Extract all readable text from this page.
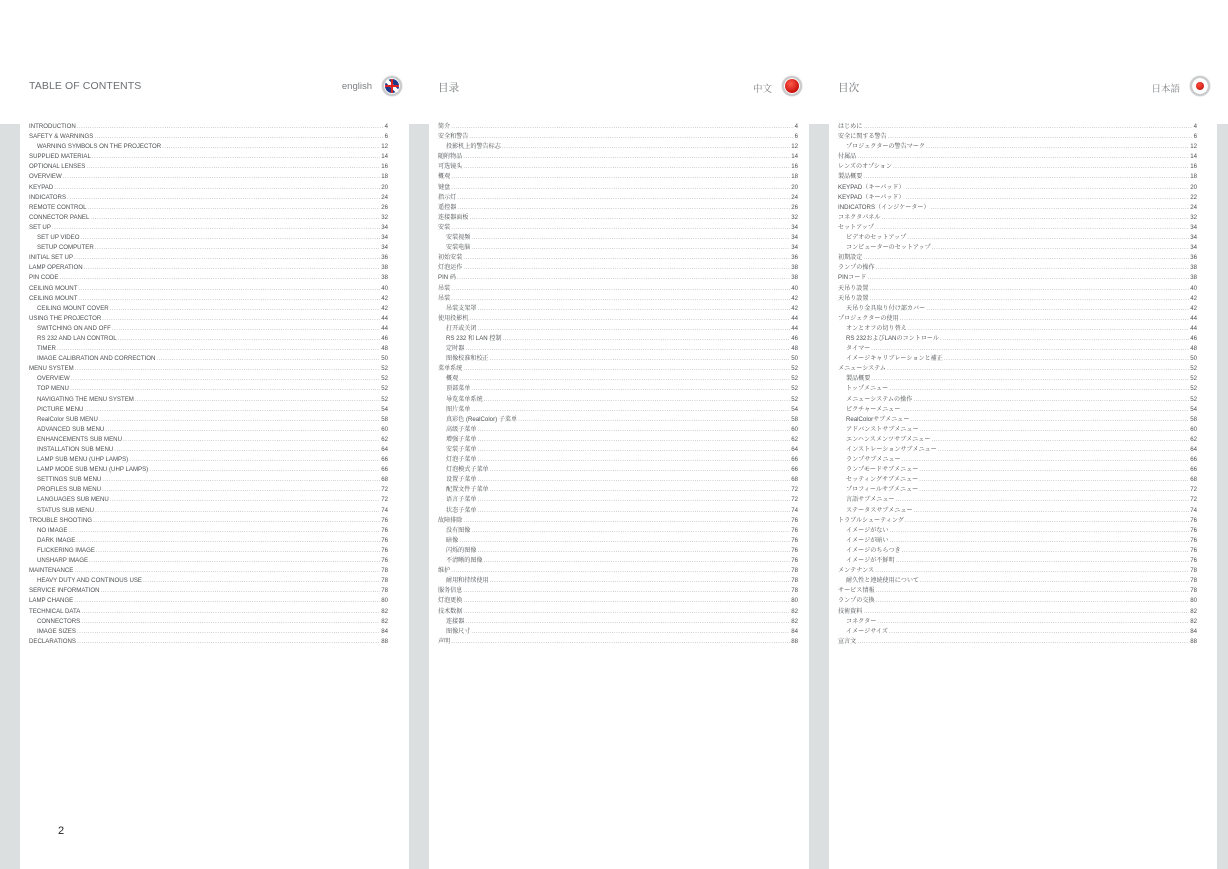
TABLE OF CONTENTS	english
INTRODUCTION .....	4
SAFETY & WARNINGS .....	6
WARNING SYMBOLS ON THE PROJECTOR .....	12
SUPPLIED MATERIAL .....	14
OPTIONAL LENSES .....	16
OVERVIEW .....	18
KEYPAD .....	20
INDICATORS .....	24
REMOTE CONTROL .....	26
CONNECTOR PANEL .....	32
SET UP .....	34
SET UP VIDEO .....	34
SETUP COMPUTER .....	34
INITIAL SET UP .....	36
LAMP OPERATION .....	38
PIN CODE .....	38
CEILING MOUNT .....	40
CEILING MOUNT .....	42
CEILING MOUNT COVER .....	42
USING THE PROJECTOR .....	44
SWITCHING ON AND OFF .....	44
RS 232 AND LAN CONTROL .....	46
TIMER .....	48
IMAGE CALIBRATION AND CORRECTION .....	50
MENU SYSTEM .....	52
OVERVIEW .....	52
TOP MENU .....	52
NAVIGATING THE MENU SYSTEM .....	52
PICTURE MENU .....	54
RealColor SUB MENU .....	58
ADVANCED SUB MENU .....	60
ENHANCEMENTS SUB MENU .....	62
INSTALLATION SUB MENU .....	64
LAMP SUB MENU (UHP LAMPS) .....	66
LAMP MODE SUB MENU (UHP LAMPS) .....	66
SETTINGS SUB MENU .....	68
PROFILES SUB MENU .....	72
LANGUAGES SUB MENU .....	72
STATUS SUB MENU .....	74
TROUBLE SHOOTING .....	76
NO IMAGE .....	76
DARK IMAGE .....	76
FLICKERING IMAGE .....	76
UNSHARP IMAGE .....	76
MAINTENANCE .....	78
HEAVY DUTY AND CONTINOUS USE .....	78
SERVICE INFORMATION .....	78
LAMP CHANGE .....	80
TECHNICAL DATA .....	82
CONNECTORS .....	82
IMAGE SIZES .....	84
DECLARATIONS .....	88
目录	中文
简介 .....	4
安全和警告 .....	6
投影机上的警告标志 .....	12
随附物品 .....	14
可选镜头 .....	16
概观 .....	18
键盘 .....	20
指示灯 .....	24
遥控器 .....	26
连接器面板 .....	32
安装 .....	34
安装视频 .....	34
安装电脑 .....	34
初始安装 .....	36
灯泡运作 .....	38
PIN 码 .....	38
吊装 .....	40
吊装 .....	42
吊装支架罩 .....	42
使用投影机 .....	44
打开或关闭 .....	44
RS 232 和 LAN 控制 .....	46
定时器 .....	48
图像校准和校正 .....	50
菜单系统 .....	52
概观 .....	52
顶部菜单 .....	52
导览菜单系统 .....	52
图片菜单 .....	54
真彩色 (RealColor) 子菜单 .....	58
高级子菜单 .....	60
增强子菜单 .....	62
安装子菜单 .....	64
灯泡子菜单 .....	66
灯泡模式子菜单 .....	66
设置子菜单 .....	68
配置文件子菜单 .....	72
语言子菜单 .....	72
状态子菜单 .....	74
故障排除 .....	76
没有图像 .....	76
暗像 .....	76
闪烁的图像 .....	76
不清晰的图像 .....	76
维护 .....	78
耐用和持续使用 .....	78
服务信息 .....	78
灯泡更换 .....	80
技术数据 .....	82
连接器 .....	82
图像尺寸 .....	84
声明 .....	88
目次	日本語
はじめに .....	4
安全に関する警告 .....	6
プロジェクターの警告マーク .....	12
付属品 .....	14
レンズのオプション .....	16
製品概要 .....	18
KEYPAD（キーパッド） .....	20
KEYPAD（キーパッド） .....	22
INDICATORS（インジケーター） .....	24
コネクタパネル .....	32
セットアップ .....	34
ビデオのセットアップ .....	34
コンピューターのセットアップ .....	34
初期設定 .....	36
ランプの操作 .....	38
PINコード .....	38
天吊り設置 .....	40
天吊り設置 .....	42
天吊り金具取り付け部カバー .....	42
プロジェクターの使用 .....	44
オンとオフの切り替え .....	44
RS 232およびLANのコントロール .....	46
タイマー .....	48
イメージキャリブレーションと補正 .....	50
メニューシステム .....	52
製品概要 .....	52
トップメニュー .....	52
メニューシステムの操作 .....	52
ピクチャーメニュー .....	54
RealColorサブメニュー .....	58
アドバンストサブメニュー .....	60
エンハンスメンツサブメニュー .....	62
インストレーションサブメニュー .....	64
ランプサブメニュー .....	66
ランプモードサブメニュー .....	66
セッティングサブメニュー .....	68
プロフィールサブメニュー .....	72
言語サブメニュー .....	72
ステータスサブメニュー .....	74
トラブルシューティング .....	76
イメージがない .....	76
イメージが暗い .....	76
イメージのちらつき .....	76
イメージが不鮮明 .....	76
メンテナンス .....	78
耐久性と連続使用について .....	78
サービス情報 .....	78
ランプの交換 .....	80
技術資料 .....	82
コネクター .....	82
イメージサイズ .....	84
宣言文 .....	88
2
